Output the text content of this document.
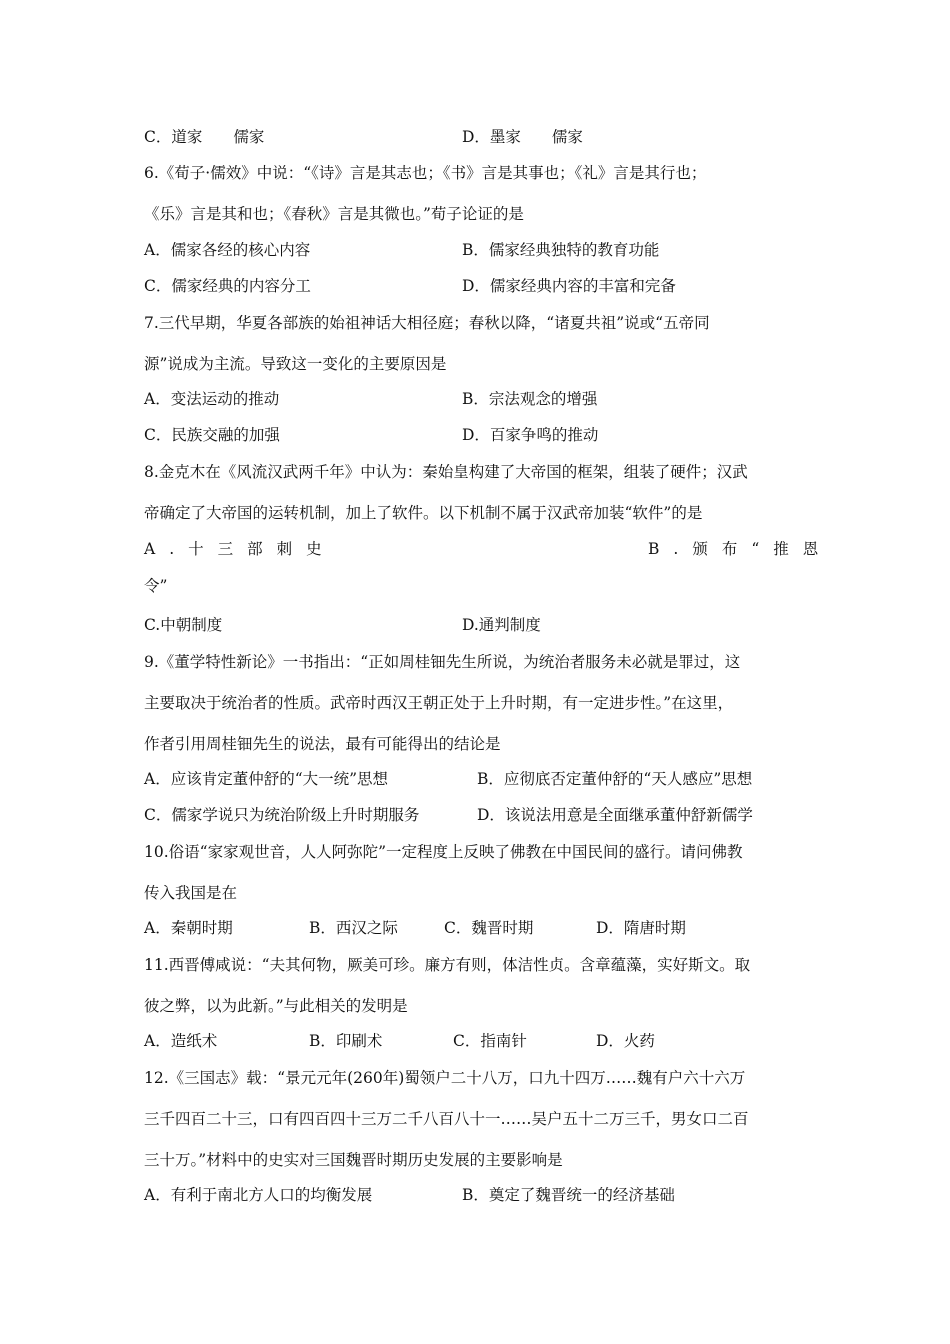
C．道家　　儒家	D．墨家　　儒家
6.《荀子·儒效》中说：“《诗》言是其志也；《书》言是其事也；《礼》言是其行也；
《乐》言是其和也；《春秋》言是其微也。”荀子论证的是
A．儒家各经的核心内容	B．儒家经典独特的教育功能
C．儒家经典的内容分工	D．儒家经典内容的丰富和完备
7.三代早期，华夏各部族的始祖神话大相径庭；春秋以降，“诸夏共祖”说或“五帝同
源”说成为主流。导致这一变化的主要原因是
A．变法运动的推动	B．宗法观念的增强
C．民族交融的加强	D．百家争鸣的推动
8.金克木在《风流汉武两千年》中认为：秦始皇构建了大帝国的框架，组装了硬件；汉武
帝确定了大帝国的运转机制，加上了软件。以下机制不属于汉武帝加装“软件”的是
A.十三部刺史	B.颁布“推恩
令”
C.中朝制度	D.通判制度
9.《董学特性新论》一书指出：“正如周桂钿先生所说，为统治者服务未必就是罪过，这
主要取决于统治者的性质。武帝时西汉王朝正处于上升时期，有一定进步性。”在这里，
作者引用周桂钿先生的说法，最有可能得出的结论是
A．应该肯定董仲舒的“大一统”思想	B．应彻底否定董仲舒的“天人感应”思想
C．儒家学说只为统治阶级上升时期服务	D．该说法用意是全面继承董仲舒新儒学
10.俗语“家家观世音，人人阿弥陀”一定程度上反映了佛教在中国民间的盛行。请问佛教
传入我国是在
A．秦朝时期	B．西汉之际	C．魏晋时期	D．隋唐时期
11.西晋傅咸说：“夫其何物，厥美可珍。廉方有则，体洁性贞。含章蕴藻，实好斯文。取
彼之弊，以为此新。”与此相关的发明是
A．造纸术	B．印刷术	C．指南针	D．火药
12.《三国志》载：“景元元年(260年)蜀领户二十八万，口九十四万……魏有户六十六万
三千四百二十三，口有四百四十三万二千八百八十一……吴户五十二万三千，男女口二百
三十万。”材料中的史实对三国魏晋时期历史发展的主要影响是
A．有利于南北方人口的均衡发展	B．奠定了魏晋统一的经济基础
